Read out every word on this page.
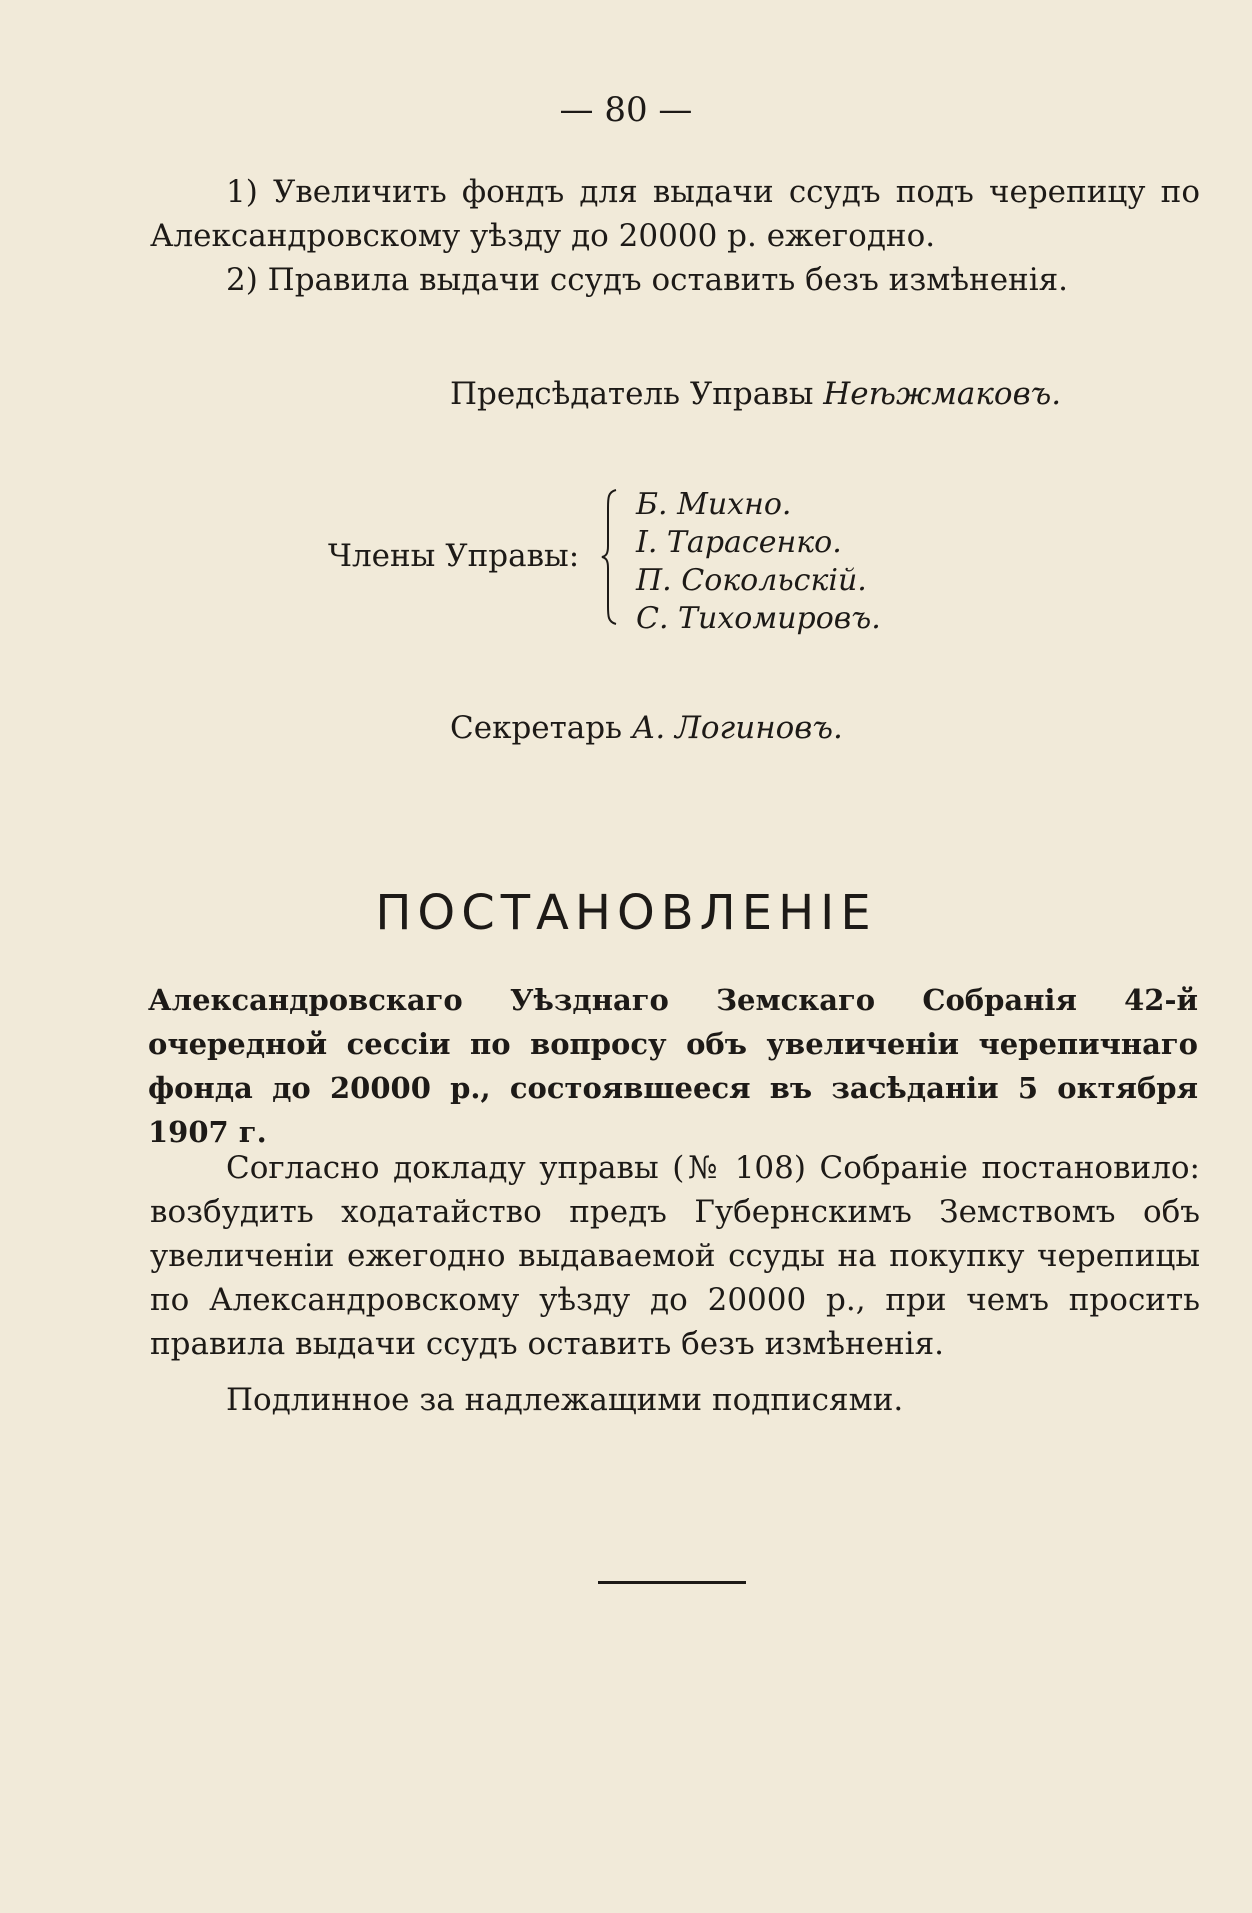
— 80 —

1) Увеличить фондъ для выдачи ссудъ подъ черепицу по Александровскому уѣзду до 20000 р. ежегодно.

2) Правила выдачи ссудъ оставить безъ измѣненія.

Предсѣдатель Управы Неѣжмаковъ.
Члены Управы:
Б. Михно.
І. Тарасенко.
П. Сокольскій.
С. Тихомировъ.
Секретарь А. Логиновъ.
ПОСТАНОВЛЕНІЕ

Александровскаго Уѣзднаго Земскаго Собранія 42-й очередной сессіи по вопросу объ увеличеніи черепичнаго фонда до 20000 р., состоявшееся въ засѣданіи 5 октября 1907 г.

Согласно докладу управы (№ 108) Собраніе постановило: возбудить ходатайство предъ Губернскимъ Земствомъ объ увеличеніи ежегодно выдаваемой ссуды на покупку черепицы по Александровскому уѣзду до 20000 р., при чемъ просить правила выдачи ссудъ оставить безъ измѣненія.

Подлинное за надлежащими подписями.
